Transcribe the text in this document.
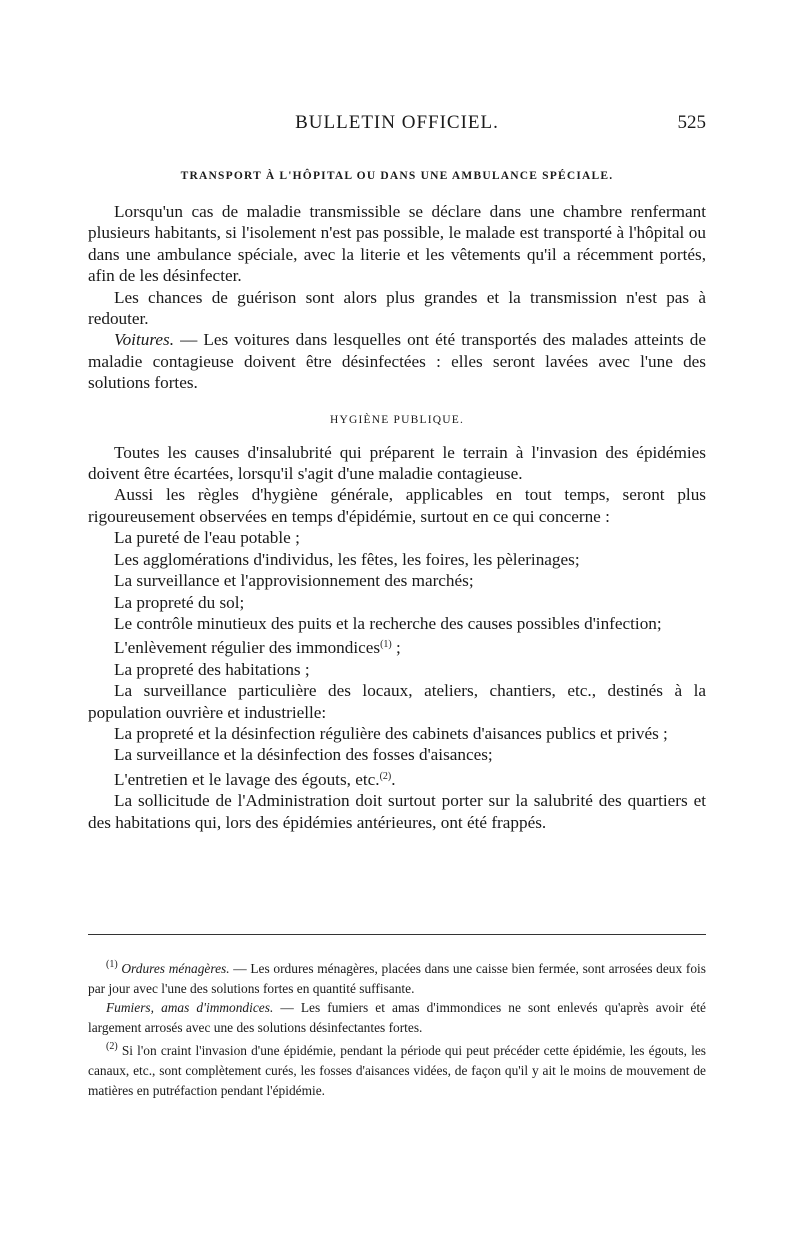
BULLETIN OFFICIEL.	525
TRANSPORT À L'HÔPITAL OU DANS UNE AMBULANCE SPÉCIALE.

Lorsqu'un cas de maladie transmissible se déclare dans une chambre renfermant plusieurs habitants, si l'isolement n'est pas possible, le malade est transporté à l'hôpital ou dans une ambulance spéciale, avec la literie et les vêtements qu'il a récemment portés, afin de les désinfecter.

Les chances de guérison sont alors plus grandes et la transmission n'est pas à redouter.

Voitures. — Les voitures dans lesquelles ont été transportés des malades atteints de maladie contagieuse doivent être désinfectées : elles seront lavées avec l'une des solutions fortes.

HYGIÈNE PUBLIQUE.

Toutes les causes d'insalubrité qui préparent le terrain à l'invasion des épidémies doivent être écartées, lorsqu'il s'agit d'une maladie contagieuse.

Aussi les règles d'hygiène générale, applicables en tout temps, seront plus rigoureusement observées en temps d'épidémie, surtout en ce qui concerne :

La pureté de l'eau potable ;

Les agglomérations d'individus, les fêtes, les foires, les pèlerinages;

La surveillance et l'approvisionnement des marchés;

La propreté du sol;

Le contrôle minutieux des puits et la recherche des causes possibles d'infection;

L'enlèvement régulier des immondices$^{(1)}$ ;

La propreté des habitations ;

La surveillance particulière des locaux, ateliers, chantiers, etc., destinés à la population ouvrière et industrielle:

La propreté et la désinfection régulière des cabinets d'aisances publics et privés ;

La surveillance et la désinfection des fosses d'aisances;

L'entretien et le lavage des égouts, etc.$^{(2)}$.

La sollicitude de l'Administration doit surtout porter sur la salubrité des quartiers et des habitations qui, lors des épidémies antérieures, ont été frappés.

$^{(1)}$ Ordures ménagères. — Les ordures ménagères, placées dans une caisse bien fermée, sont arrosées deux fois par jour avec l'une des solutions fortes en quantité suffisante.

Fumiers, amas d'immondices. — Les fumiers et amas d'immondices ne sont enlevés qu'après avoir été largement arrosés avec une des solutions désinfectantes fortes.

$^{(2)}$ Si l'on craint l'invasion d'une épidémie, pendant la période qui peut précéder cette épidémie, les égouts, les canaux, etc., sont complètement curés, les fosses d'aisances vidées, de façon qu'il y ait le moins de mouvement de matières en putréfaction pendant l'épidémie.
